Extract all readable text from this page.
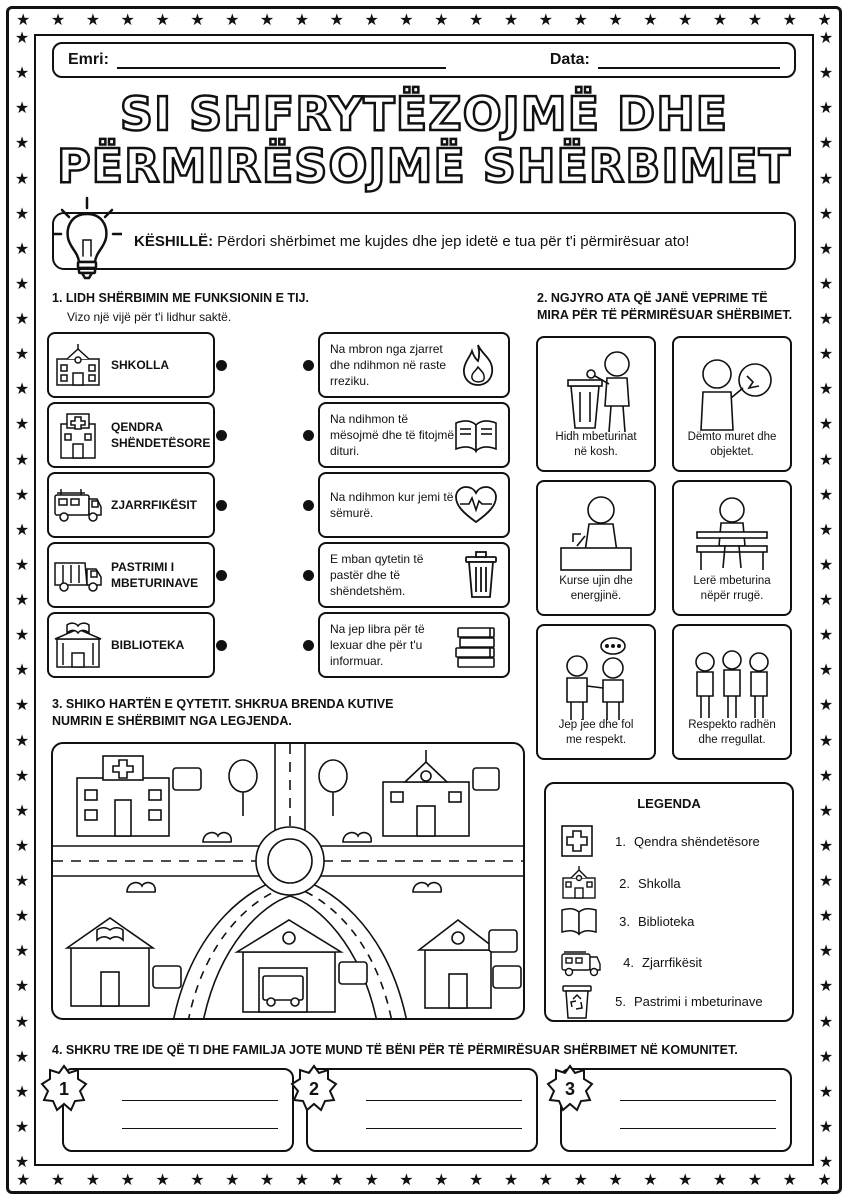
★ ★ ★ ★ ★ ★ ★ ★ ★ ★ ★ ★ ★ ★ ★ ★ ★ ★ ★ ★ ★ ★ ★ ★
★ ★ ★ ★ ★ ★ ★ ★ ★ ★ ★ ★ ★ ★ ★ ★ ★ ★ ★ ★ ★ ★ ★ ★
★
★
★
★
★
★
★
★
★
★
★
★
★
★
★
★
★
★
★
★
★
★
★
★
★
★
★
★
★
★
★
★
★
★
★
★
★
★
★
★
★
★
★
★
★
★
★
★
★
★
★
★
★
★
★
★
★
★
★
★
★
★
★
★
★
★
Emri:	Data:
SI SHFRYTËZOJMË DHE
PËRMIRËSOJMË SHËRBIMET
KËSHILLË: Përdori shërbimet me kujdes dhe jep idetë e tua për t'i përmirësuar ato!
1. LIDH SHËRBIMIN ME FUNKSIONIN E TIJ.
Vizo një vijë për t'i lidhur saktë.
SHKOLLA
QENDRA
SHËNDETËSORE
ZJARRFIKËSIT
PASTRIMI I
MBETURINAVE
BIBLIOTEKA
Na mbron nga zjarret dhe ndihmon në raste rreziku.
Na ndihmon të mësojmë dhe të fitojmë dituri.
Na ndihmon kur jemi të sëmurë.
E mban qytetin të pastër dhe të shëndetshëm.
Na jep libra për të lexuar dhe për t'u informuar.
2. NGJYRO ATA QË JANË VEPRIME TË MIRA PËR TË PËRMIRËSUAR SHËRBIMET.
Hidh mbeturinat
në kosh.
Dëmto muret dhe
objektet.
Kurse ujin dhe
energjinë.
Lerë mbeturina
nëpër rrugë.
Jep jee dhe fol
me respekt.
Respekto radhën
dhe rregullat.
3. SHIKO HARTËN E QYTETIT. SHKRUA BRENDA KUTIVE NUMRIN E SHËRBIMIT NGA LEGJENDA.
LEGENDA
1. Qendra shëndetësore
2. Shkolla
3. Biblioteka
4. Zjarrfikësit
5. Pastrimi i mbeturinave
4. SHKRU TRE IDE QË TI DHE FAMILJA JOTE MUND TË BËNI PËR TË PËRMIRËSUAR SHËRBIMET NË KOMUNITET.
1	2	3
